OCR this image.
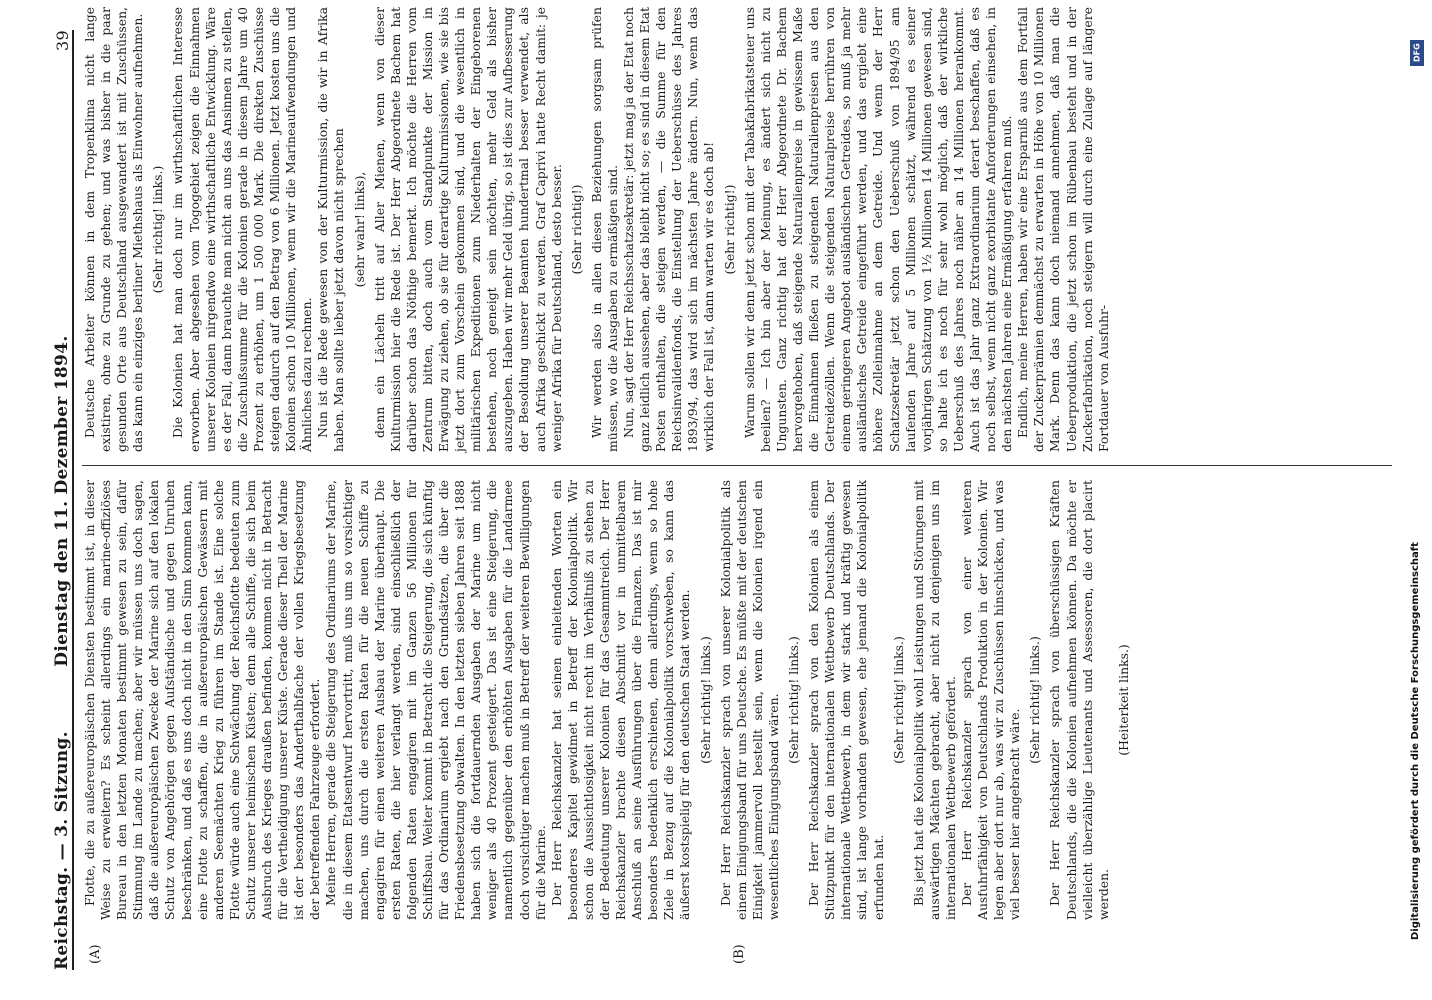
Reichstag. — 3. Sitzung.
Dienstag den 11. Dezember 1894.
39
(A)	(B)

Flotte, die zu außereuropäischen Diensten bestimmt ist, in dieser Weise zu erweitern? Es scheint allerdings ein marine-offiziöses Bureau in den letzten Monaten bestimmt gewesen zu sein, dafür Stimmung im Lande zu machen; aber wir müssen uns doch sagen, daß die außereuropäischen Zwecke der Marine sich auf den lokalen Schutz von Angehörigen gegen Aufständische und gegen Unruhen beschränken, und daß es uns doch nicht in den Sinn kommen kann, eine Flotte zu schaffen, die in außereuropäischen Gewässern mit anderen Seemächten Krieg zu führen im Stande ist. Eine solche Flotte würde auch eine Schwächung der Reichsflotte bedeuten zum Schutz unserer heimischen Küsten; denn alle Schiffe, die sich beim Ausbruch des Krieges draußen befinden, kommen nicht in Betracht für die Vertheidigung unserer Küste. Gerade dieser Theil der Marine ist der besonders das Anderthalbfache der vollen Kriegsbesetzung der betreffenden Fahrzeuge erfordert. Meine Herren, gerade die Steigerung des Ordinariums der Marine, die in diesem Etatsentwurf hervortritt, muß uns um so vorsichtiger machen, uns durch die ersten Raten für die neuen Schiffe zu engagiren für einen weiteren Ausbau der Marine überhaupt. Die ersten Raten, die hier verlangt werden, sind einschließlich der folgenden Raten engagiren mit im Ganzen 56 Millionen für Schiffsbau. Weiter kommt in Betracht die Steigerung, die sich künftig für das Ordinarium ergiebt nach den Grundsätzen, die über die Friedensbesetzung obwalten. In den letzten sieben Jahren seit 1888 haben sich die fortdauernden Ausgaben der Marine um nicht weniger als 40 Prozent gesteigert. Das ist eine Steigerung, die namentlich gegenüber den erhöhten Ausgaben für die Landarmee doch vorsichtiger machen muß in Betreff der weiteren Bewilligungen für die Marine. Der Herr Reichskanzler hat seinen einleitenden Worten ein besonderes Kapitel gewidmet in Betreff der Kolonialpolitik. Wir schon die Aussichtlosigkeit nicht recht im Verhältniß zu stehen zu der Bedeutung unserer Kolonien für das Gesammtreich. Der Herr Reichskanzler brachte diesen Abschnitt vor in unmittelbarem Anschluß an seine Ausführungen über die Finanzen. Das ist mir besonders bedenklich erschienen, denn allerdings, wenn so hohe Ziele in Bezug auf die Kolonialpolitik vorschweben, so kann das äußerst kostspielig für den deutschen Staat werden. (Sehr richtig! links.) Der Herr Reichskanzler sprach von unserer Kolonialpolitik als einem Einigungsband für uns Deutsche. Es müßte mit der deutschen Einigkeit jammervoll bestellt sein, wenn die Kolonien irgend ein wesentliches Einigungsband wären. (Sehr richtig! links.) Der Herr Reichskanzler sprach von den Kolonien als einem Stützpunkt für den internationalen Wettbewerb Deutschlands. Der internationale Wettbewerb, in dem wir stark und kräftig gewesen sind, ist lange vorhanden gewesen, ehe jemand die Kolonialpolitik erfunden hat.

(Sehr richtig! links.) Bis jetzt hat die Kolonialpolitik wohl Leistungen und Störungen mit auswärtigen Mächten gebracht, aber nicht zu denjenigen uns im internationalen Wettbewerb gefördert. Der Herr Reichskanzler sprach von einer weiteren Ausfuhrfähigkeit von Deutschlands Produktion in der Kolonien. Wir legen aber dort nur ab, was wir zu Zuschüssen hinschicken, und was viel besser hier angebracht wäre.

(Sehr richtig! links.) Der Herr Reichskanzler sprach von überschüssigen Kräften Deutschlands, die die Kolonien aufnehmen können. Da möchte er vielleicht überzählige Lieutenants und Assessoren, die dort placirt werden.

(Heiterkeit links.)

Deutsche Arbeiter können in dem Tropenklima nicht lange existiren, ohne zu Grunde zu gehen; und was bisher in die paar gesunden Orte aus Deutschland ausgewandert ist mit Zuschüssen, das kann ein einziges berliner Miethshaus als Einwohner aufnehmen. (Sehr richtig! links.) Die Kolonien hat man doch nur im wirthschaftlichen Interesse erworben. Aber abgesehen vom Togogebiet zeigen die Einnahmen unserer Kolonien nirgendwo eine wirthschaftliche Entwicklung. Wäre es der Fall, dann brauchte man nicht an uns das Ansinnen zu stellen, die Zuschußsumme für die Kolonien gerade in diesem Jahre um 40 Prozent zu erhöhen, um 1 500 000 Mark. Die direkten Zuschüsse steigen dadurch auf den Betrag von 6 Millionen. Jetzt kosten uns die Kolonien schon 10 Millionen, wenn wir die Marineaufwendungen und Ähnliches dazu rechnen. Nun ist die Rede gewesen von der Kulturmission, die wir in Afrika haben. Man sollte lieber jetzt davon nicht sprechen (sehr wahr! links), denn ein Lächeln tritt auf Aller Mienen, wenn von dieser Kulturmission hier die Rede ist. Der Herr Abgeordnete Bachem hat darüber schon das Nöthige bemerkt. Ich möchte die Herren vom Zentrum bitten, doch auch vom Standpunkte der Mission in Erwägung zu ziehen, ob sie für derartige Kulturmissionen, wie sie bis jetzt dort zum Vorschein gekommen sind, und die wesentlich in militärischen Expeditionen zum Niederhalten der Eingeborenen bestehen, noch geneigt sein möchten, mehr Geld als bisher auszugeben. Haben wir mehr Geld übrig, so ist dies zur Aufbesserung der Besoldung unserer Beamten hundertmal besser verwendet, als auch Afrika geschickt zu werden. Graf Caprivi hatte Recht damit: je weniger Afrika für Deutschland, desto besser. (Sehr richtig!) Wir werden also in allen diesen Beziehungen sorgsam prüfen müssen, wo die Ausgaben zu ermäßigen sind. Nun, sagt der Herr Reichsschatzsekretär: jetzt mag ja der Etat noch ganz leidlich aussehen, aber das bleibt nicht so; es sind in diesem Etat Posten enthalten, die steigen werden, — die Summe für den Reichsinvalidenfonds, die Einstellung der Ueberschüsse des Jahres 1893/94, das wird sich im nächsten Jahre ändern. Nun, wenn das wirklich der Fall ist, dann warten wir es doch ab! (Sehr richtig!) Warum sollen wir denn jetzt schon mit der Tabakfabrikatsteuer uns beeilen? — Ich bin aber der Meinung, es ändert sich nicht zu Ungunsten. Ganz richtig hat der Herr Abgeordnete Dr. Bachem hervorgehoben, daß steigende Naturalienpreise in gewissem Maße die Einnahmen fließen zu steigenden Naturalienpreisen aus den Getreidezöllen. Wenn die steigenden Naturalpreise herrühren von einem geringeren Angebot ausländischen Getreides, so muß ja mehr ausländisches Getreide eingeführt werden, und das ergiebt eine höhere Zolleinnahme an dem Getreide. Und wenn der Herr Schatzsekretär jetzt schon den Ueberschuß von 1894/95 am laufenden Jahre auf 5 Millionen schätzt, während es seiner vorjährigen Schätzung von 1½ Millionen 14 Millionen gewesen sind, so halte ich es noch für sehr wohl möglich, daß der wirkliche Ueberschuß des Jahres noch näher an 14 Millionen herankommt. Auch ist das Jahr ganz Extraordinarium derart beschaffen, daß es noch selbst, wenn nicht ganz exorbitante Anforderungen einsehen, in den nächsten Jahren eine Ermäßigung erfahren muß. Endlich, meine Herren, haben wir eine Ersparniß aus dem Fortfall der Zuckerprämien demnächst zu erwarten in Höhe von 10 Millionen Mark. Denn das kann doch niemand annehmen, daß man die Ueberproduktion, die jetzt schon im Rübenbau besteht und in der Zuckerfabrikation, noch steigern will durch eine Zulage auf längere Fortdauer von Ausfuhr-

DFG
Digitalisierung gefördert durch die Deutsche Forschungsgemeinschaft
